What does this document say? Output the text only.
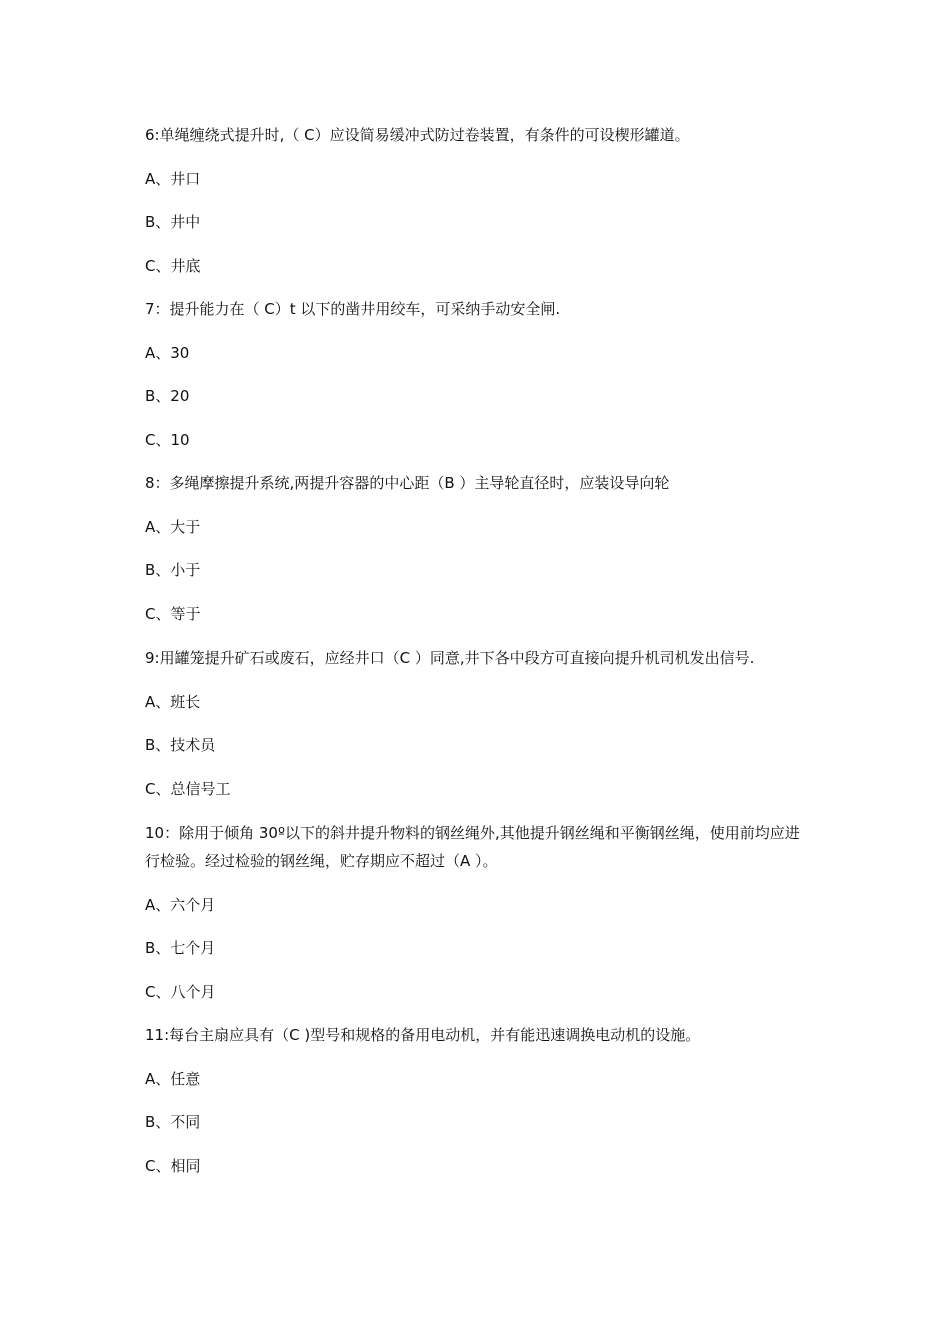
6:单绳缠绕式提升时,（ C）应设简易缓冲式防过卷装置，有条件的可设楔形罐道。

A、井口

B、井中

C、井底

7：提升能力在（ C）t 以下的凿井用绞车，可采纳手动安全闸.

A、30

B、20

C、10

8：多绳摩擦提升系统,两提升容器的中心距（B ）主导轮直径时，应装设导向轮

A、大于

B、小于

C、等于

9:用罐笼提升矿石或废石，应经井口（C ）同意,井下各中段方可直接向提升机司机发出信号.

A、班长

B、技术员

C、总信号工

10：除用于倾角 30º以下的斜井提升物料的钢丝绳外,其他提升钢丝绳和平衡钢丝绳，使用前均应进行检验。经过检验的钢丝绳，贮存期应不超过（A ）。

A、六个月

B、七个月

C、八个月

11:每台主扇应具有（C )型号和规格的备用电动机，并有能迅速调换电动机的设施。

A、任意

B、不同

C、相同
